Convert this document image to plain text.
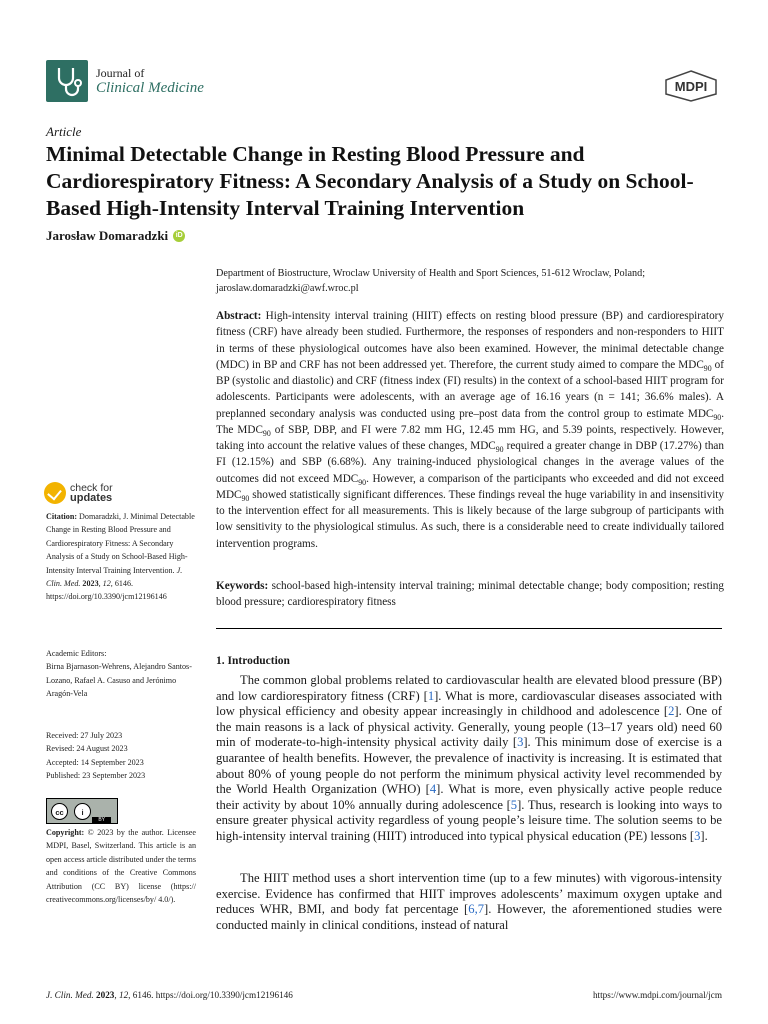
Journal of
Clinical Medicine	MDPI
Article
Minimal Detectable Change in Resting Blood Pressure and Cardiorespiratory Fitness: A Secondary Analysis of a Study on School-Based High-Intensity Interval Training Intervention
Jarosław Domaradzki	iD
Department of Biostructure, Wroclaw University of Health and Sport Sciences, 51-612 Wroclaw, Poland;
jaroslaw.domaradzki@awf.wroc.pl

Abstract: High-intensity interval training (HIIT) effects on resting blood pressure (BP) and cardiorespiratory fitness (CRF) have already been studied. Furthermore, the responses of responders and non-responders to HIIT in terms of these physiological outcomes have also been examined. However, the minimal detectable change (MDC) in BP and CRF has not been addressed yet. Therefore, the current study aimed to compare the $MDC_{90}$ of BP (systolic and diastolic) and CRF (fitness index (FI) results) in the context of a school-based HIIT program for adolescents. Participants were adolescents, with an average age of 16.16 years (n = 141; 36.6% males). A preplanned secondary analysis was conducted using pre–post data from the control group to estimate $MDC_{90}$. The $MDC_{90}$ of SBP, DBP, and FI were 7.82 mm HG, 12.45 mm HG, and 5.39 points, respectively. However, taking into account the relative values of these changes, $MDC_{90}$ required a greater change in DBP (17.27%) than FI (12.15%) and SBP (6.68%). Any training-induced physiological changes in the average values of the outcomes did not exceed $MDC_{90}$. However, a comparison of the participants who exceeded and did not exceed $MDC_{90}$ showed statistically significant differences. These findings reveal the huge variability in and insensitivity to the intervention effect for all measurements. This is likely because of the large subgroup of participants with low sensitivity to the physiological stimulus. As such, there is a considerable need to create individually tailored intervention programs.

Keywords: school-based high-intensity interval training; minimal detectable change; body composition; resting blood pressure; cardiorespiratory fitness

check for
updates
Citation: Domaradzki, J. Minimal Detectable Change in Resting Blood Pressure and Cardiorespiratory Fitness: A Secondary Analysis of a Study on School-Based High-Intensity Interval Training Intervention. J. Clin. Med. 2023, 12, 6146. https://doi.org/10.3390/jcm12196146
Academic Editors:
Birna Bjarnason-Wehrens, Alejandro Santos-Lozano, Rafael A. Casuso and Jerónimo Aragón-Vela
Received: 27 July 2023
Revised: 24 August 2023
Accepted: 14 September 2023
Published: 23 September 2023
cc	i
BY
Copyright: © 2023 by the author. Licensee MDPI, Basel, Switzerland. This article is an open access article distributed under the terms and conditions of the Creative Commons Attribution (CC BY) license (https:// creativecommons.org/licenses/by/ 4.0/).
1. Introduction

The common global problems related to cardiovascular health are elevated blood pressure (BP) and low cardiorespiratory fitness (CRF) [1]. What is more, cardiovascular diseases associated with low physical efficiency and obesity appear increasingly in childhood and adolescence [2]. One of the main reasons is a lack of physical activity. Generally, young people (13–17 years old) need 60 min of moderate-to-high-intensity physical activity daily [3]. This minimum dose of exercise is a guarantee of health benefits. However, the prevalence of inactivity is increasing. It is estimated that about 80% of young people do not perform the minimum physical activity level recommended by the World Health Organization (WHO) [4]. What is more, even physically active people reduce their activity by about 10% annually during adolescence [5]. Thus, research is looking into ways to ensure greater physical activity regardless of young people’s leisure time. The solution seems to be high-intensity interval training (HIIT) introduced into typical physical education (PE) lessons [3].

The HIIT method uses a short intervention time (up to a few minutes) with vigorous-intensity exercise. Evidence has confirmed that HIIT improves adolescents’ maximum oxygen uptake and reduces WHR, BMI, and body fat percentage [6,7]. However, the aforementioned studies were conducted mainly in clinical conditions, instead of natural

J. Clin. Med. 2023, 12, 6146. https://doi.org/10.3390/jcm12196146	https://www.mdpi.com/journal/jcm
